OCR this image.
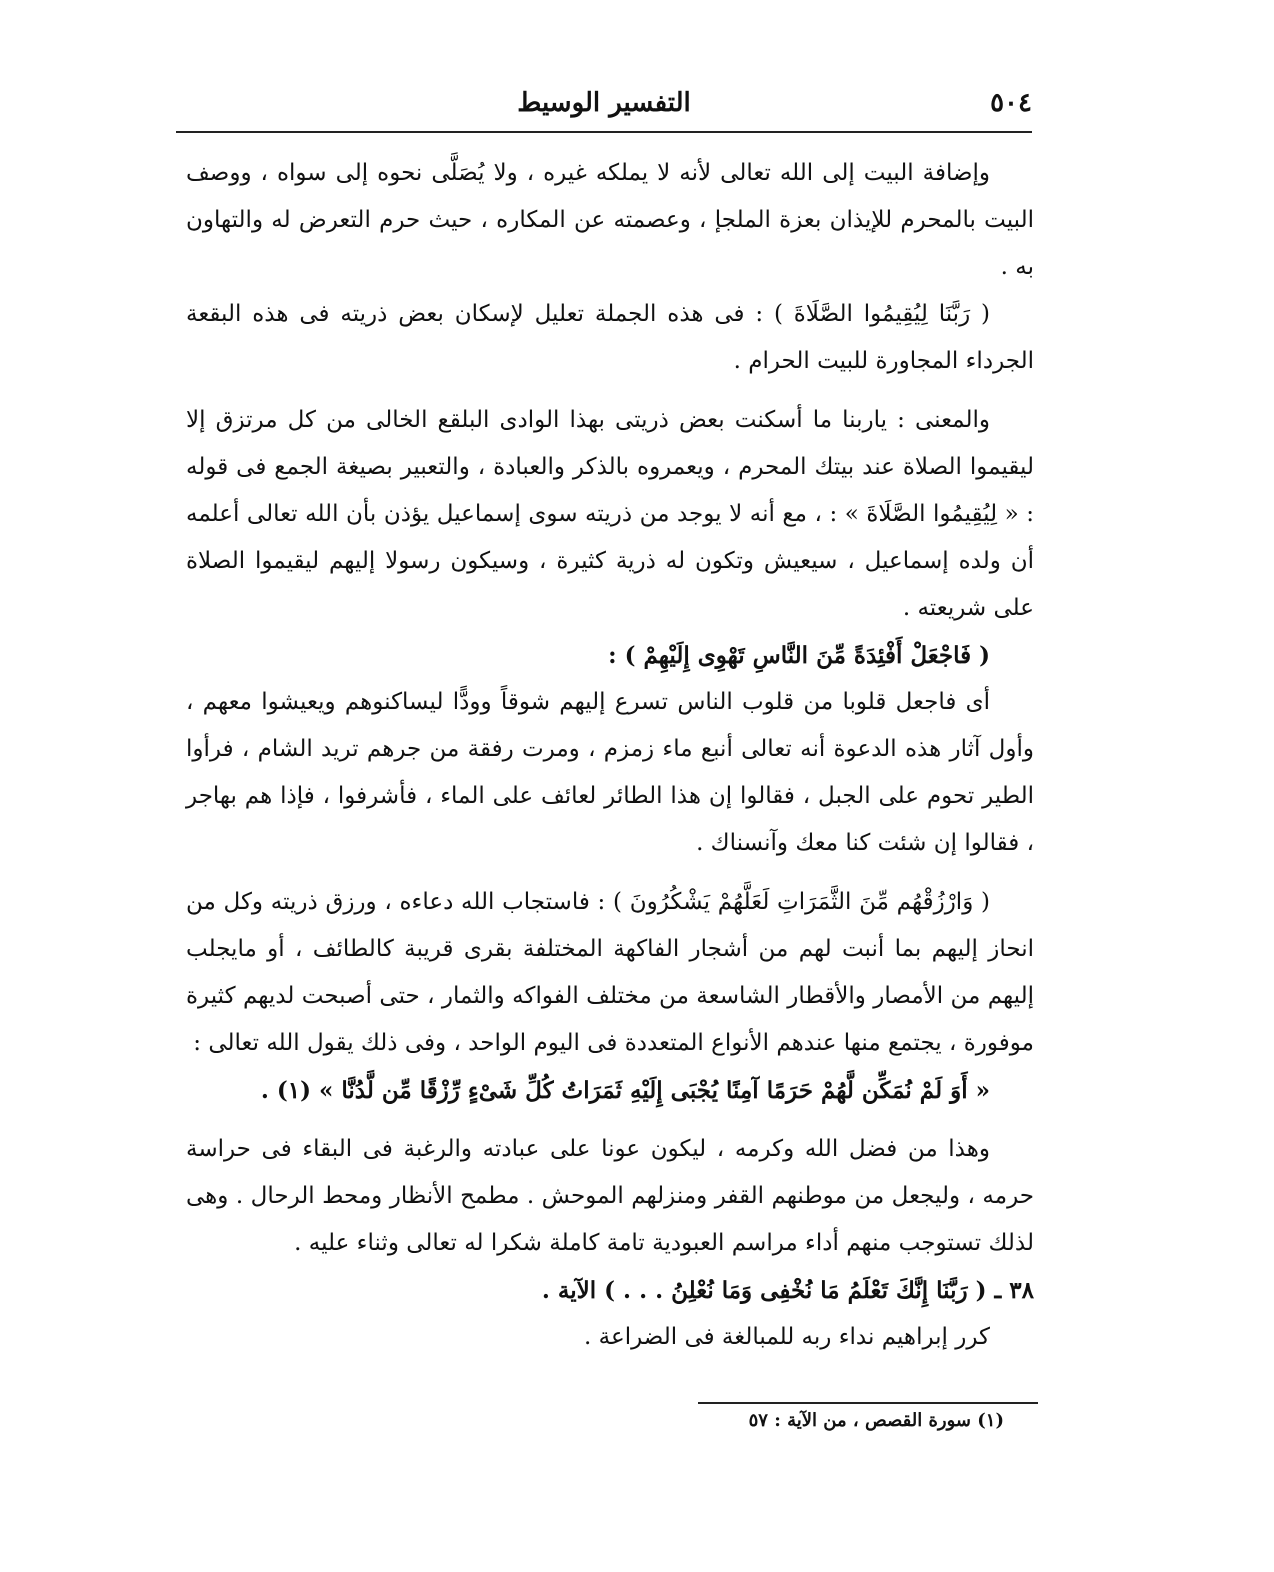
٥٠٤
التفسير الوسيط

وإضافة البيت إلى الله تعالى لأنه لا يملكه غيره ، ولا يُصَلَّى نحوه إلى سواه ، ووصف البيت بالمحرم للإيذان بعزة الملجإ ، وعصمته عن المكاره ، حيث حرم التعرض له والتهاون به .

( رَبَّنَا لِيُقِيمُوا الصَّلَاةَ ) : فى هذه الجملة تعليل لإسكان بعض ذريته فى هذه البقعة الجرداء المجاورة للبيت الحرام .

والمعنى : ياربنا ما أسكنت بعض ذريتى بهذا الوادى البلقع الخالى من كل مرتزق إلا ليقيموا الصلاة عند بيتك المحرم ، ويعمروه بالذكر والعبادة ، والتعبير بصيغة الجمع فى قوله : « لِيُقِيمُوا الصَّلَاةَ » : ، مع أنه لا يوجد من ذريته سوى إسماعيل يؤذن بأن الله تعالى أعلمه أن ولده إسماعيل ، سيعيش وتكون له ذرية كثيرة ، وسيكون رسولا إليهم ليقيموا الصلاة على شريعته .

( فَاجْعَلْ أَفْئِدَةً مِّنَ النَّاسِ تَهْوِى إِلَيْهِمْ ) :

أى فاجعل قلوبا من قلوب الناس تسرع إليهم شوقاً وودًّا ليساكنوهم ويعيشوا معهم ، وأول آثار هذه الدعوة أنه تعالى أنبع ماء زمزم ، ومرت رفقة من جرهم تريد الشام ، فرأوا الطير تحوم على الجبل ، فقالوا إن هذا الطائر لعائف على الماء ، فأشرفوا ، فإذا هم بهاجر ، فقالوا إن شئت كنا معك وآنسناك .

( وَارْزُقْهُم مِّنَ الثَّمَرَاتِ لَعَلَّهُمْ يَشْكُرُونَ ) : فاستجاب الله دعاءه ، ورزق ذريته وكل من انحاز إليهم بما أنبت لهم من أشجار الفاكهة المختلفة بقرى قريبة كالطائف ، أو مايجلب إليهم من الأمصار والأقطار الشاسعة من مختلف الفواكه والثمار ، حتى أصبحت لديهم كثيرة موفورة ، يجتمع منها عندهم الأنواع المتعددة فى اليوم الواحد ، وفى ذلك يقول الله تعالى :

« أَوَ لَمْ نُمَكِّن لَّهُمْ حَرَمًا آمِنًا يُجْبَى إِلَيْهِ ثَمَرَاتُ كُلِّ شَىْءٍ رِّزْقًا مِّن لَّدُنَّا » (١) .

وهذا من فضل الله وكرمه ، ليكون عونا على عبادته والرغبة فى البقاء فى حراسة حرمه ، وليجعل من موطنهم القفر ومنزلهم الموحش . مطمح الأنظار ومحط الرحال . وهى لذلك تستوجب منهم أداء مراسم العبودية تامة كاملة شكرا له تعالى وثناء عليه .

٣٨ ـ ( رَبَّنَا إِنَّكَ تَعْلَمُ مَا نُخْفِى وَمَا نُعْلِنُ . . . ) الآية .

كرر إبراهيم نداء ربه للمبالغة فى الضراعة .

(١) سورة القصص ، من الآية : ٥٧
